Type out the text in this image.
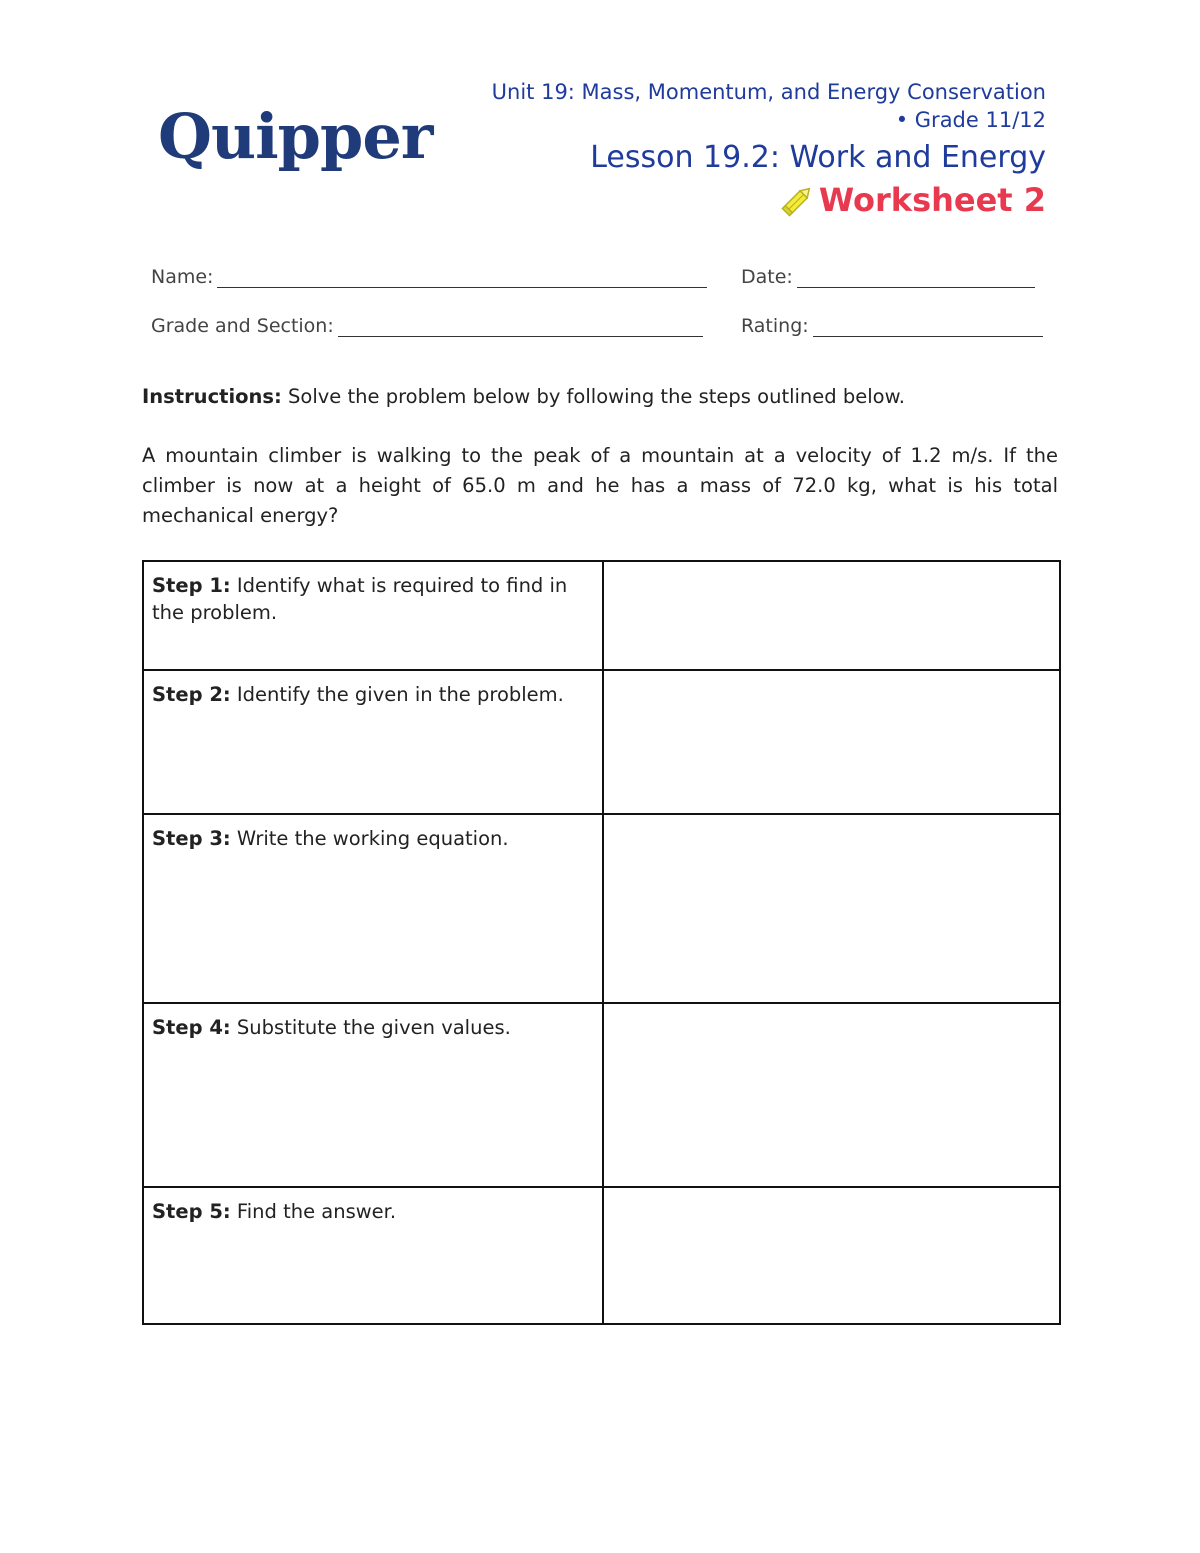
Quipper
Unit 19: Mass, Momentum, and Energy Conservation
• Grade 11/12
Lesson 19.2: Work and Energy
Worksheet 2
Name:	Date:
Grade and Section:	Rating:
Instructions: Solve the problem below by following the steps outlined below.
A mountain climber is walking to the peak of a mountain at a velocity of 1.2 m/s. If the climber is now at a height of 65.0 m and he has a mass of 72.0 kg, what is his total mechanical energy?
Step 1: Identify what is required to find in the problem.	
Step 2: Identify the given in the problem.	
Step 3: Write the working equation.	
Step 4: Substitute the given values.	
Step 5: Find the answer.	
